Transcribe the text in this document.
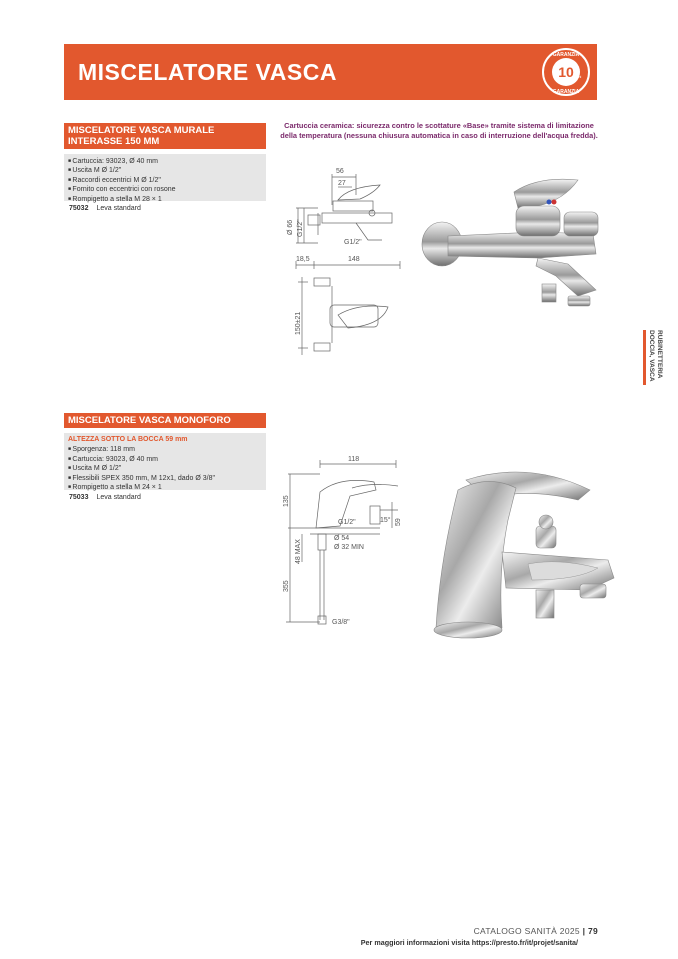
MISCELATORE VASCA
GARANZIA
10 anni
GARANZIA
Cartuccia ceramica: sicurezza contro le scottature «Base» tramite sistema di limitazione della temperatura (nessuna chiusura automatica in caso di interruzione dell'acqua fredda).
MISCELATORE VASCA MURALE
INTERASSE 150 MM
■ Cartuccia: 93023, Ø 40 mm
■ Uscita M Ø 1/2"
■ Raccordi eccentrici M Ø 1/2"
■ Fornito con eccentrici con rosone
■ Rompigetto a stella M 28 × 1
75032 Leva standard
56
27
Ø 66 G1/2"
G1/2"
18,5	148
150±21
MISCELATORE VASCA MONOFORO
ALTEZZA SOTTO LA BOCCA 59 mm
■ Sporgenza: 118 mm
■ Cartuccia: 93023, Ø 40 mm
■ Uscita M Ø 1/2"
■ Flessibili SPEX 350 mm, M 12x1, dado Ø 3/8"
■ Rompigetto a stella M 24 × 1
75033 Leva standard
118
135
59
G1/2"	15°
Ø 54
Ø 32 MIN
48 MAX
355
G3/8"
RUBINETTERIA
DOCCIA, VASCA
CATALOGO SANITÀ 2025 | 79
Per maggiori informazioni visita https://presto.fr/it/projet/sanita/
